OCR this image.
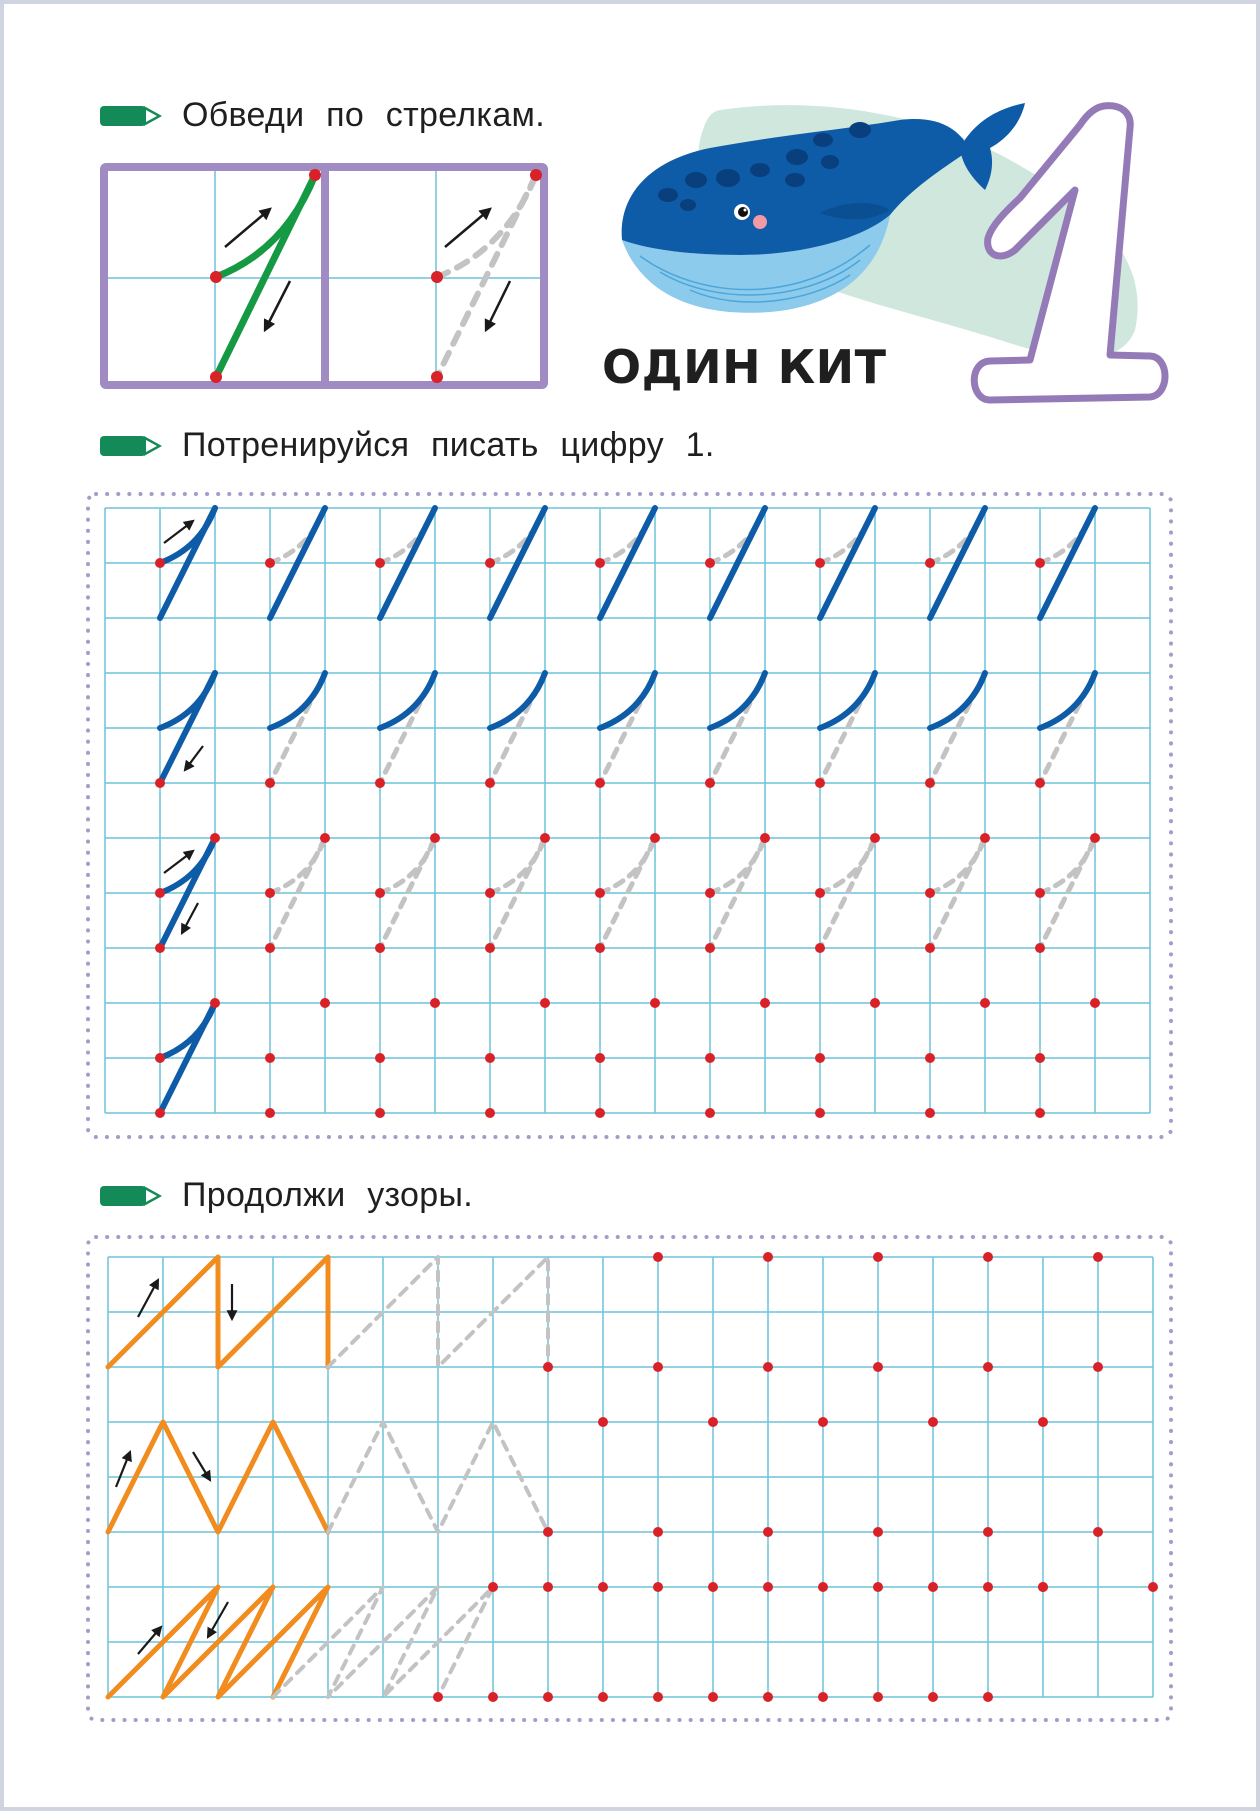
Обведи по стрелкам.
Потренируйся писать цифру 1.
Продолжи узоры.
ОДИН КИТ
